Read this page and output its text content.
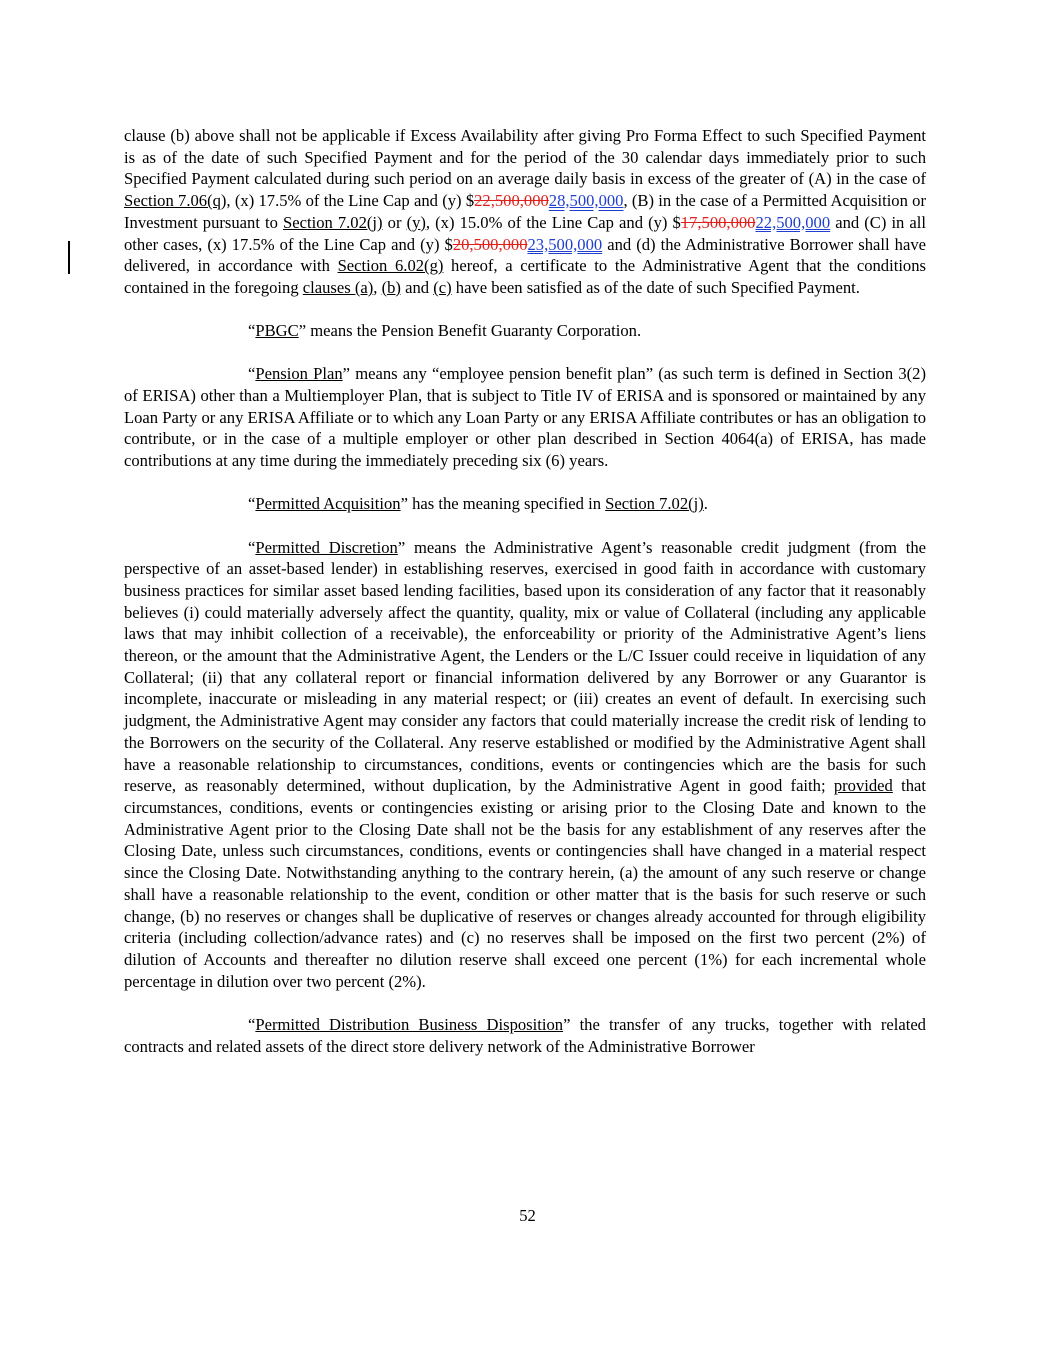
clause (b) above shall not be applicable if Excess Availability after giving Pro Forma Effect to such Specified Payment is as of the date of such Specified Payment and for the period of the 30 calendar days immediately prior to such Specified Payment calculated during such period on an average daily basis in excess of the greater of (A) in the case of Section 7.06(q), (x) 17.5% of the Line Cap and (y) $22,500,00028,500,000, (B) in the case of a Permitted Acquisition or Investment pursuant to Section 7.02(j) or (y), (x) 15.0% of the Line Cap and (y) $17,500,00022,500,000 and (C) in all other cases, (x) 17.5% of the Line Cap and (y) $20,500,00023,500,000 and (d) the Administrative Borrower shall have delivered, in accordance with Section 6.02(g) hereof, a certificate to the Administrative Agent that the conditions contained in the foregoing clauses (a), (b) and (c) have been satisfied as of the date of such Specified Payment.

“PBGC” means the Pension Benefit Guaranty Corporation.

“Pension Plan” means any “employee pension benefit plan” (as such term is defined in Section 3(2) of ERISA) other than a Multiemployer Plan, that is subject to Title IV of ERISA and is sponsored or maintained by any Loan Party or any ERISA Affiliate or to which any Loan Party or any ERISA Affiliate contributes or has an obligation to contribute, or in the case of a multiple employer or other plan described in Section 4064(a) of ERISA, has made contributions at any time during the immediately preceding six (6) years.

“Permitted Acquisition” has the meaning specified in Section 7.02(j).

“Permitted Discretion” means the Administrative Agent’s reasonable credit judgment (from the perspective of an asset-based lender) in establishing reserves, exercised in good faith in accordance with customary business practices for similar asset based lending facilities, based upon its consideration of any factor that it reasonably believes (i) could materially adversely affect the quantity, quality, mix or value of Collateral (including any applicable laws that may inhibit collection of a receivable), the enforceability or priority of the Administrative Agent’s liens thereon, or the amount that the Administrative Agent, the Lenders or the L/C Issuer could receive in liquidation of any Collateral; (ii) that any collateral report or financial information delivered by any Borrower or any Guarantor is incomplete, inaccurate or misleading in any material respect; or (iii) creates an event of default. In exercising such judgment, the Administrative Agent may consider any factors that could materially increase the credit risk of lending to the Borrowers on the security of the Collateral. Any reserve established or modified by the Administrative Agent shall have a reasonable relationship to circumstances, conditions, events or contingencies which are the basis for such reserve, as reasonably determined, without duplication, by the Administrative Agent in good faith; provided that circumstances, conditions, events or contingencies existing or arising prior to the Closing Date and known to the Administrative Agent prior to the Closing Date shall not be the basis for any establishment of any reserves after the Closing Date, unless such circumstances, conditions, events or contingencies shall have changed in a material respect since the Closing Date. Notwithstanding anything to the contrary herein, (a) the amount of any such reserve or change shall have a reasonable relationship to the event, condition or other matter that is the basis for such reserve or such change, (b) no reserves or changes shall be duplicative of reserves or changes already accounted for through eligibility criteria (including collection/advance rates) and (c) no reserves shall be imposed on the first two percent (2%) of dilution of Accounts and thereafter no dilution reserve shall exceed one percent (1%) for each incremental whole percentage in dilution over two percent (2%).

“Permitted Distribution Business Disposition” the transfer of any trucks, together with related contracts and related assets of the direct store delivery network of the Administrative Borrower

52
